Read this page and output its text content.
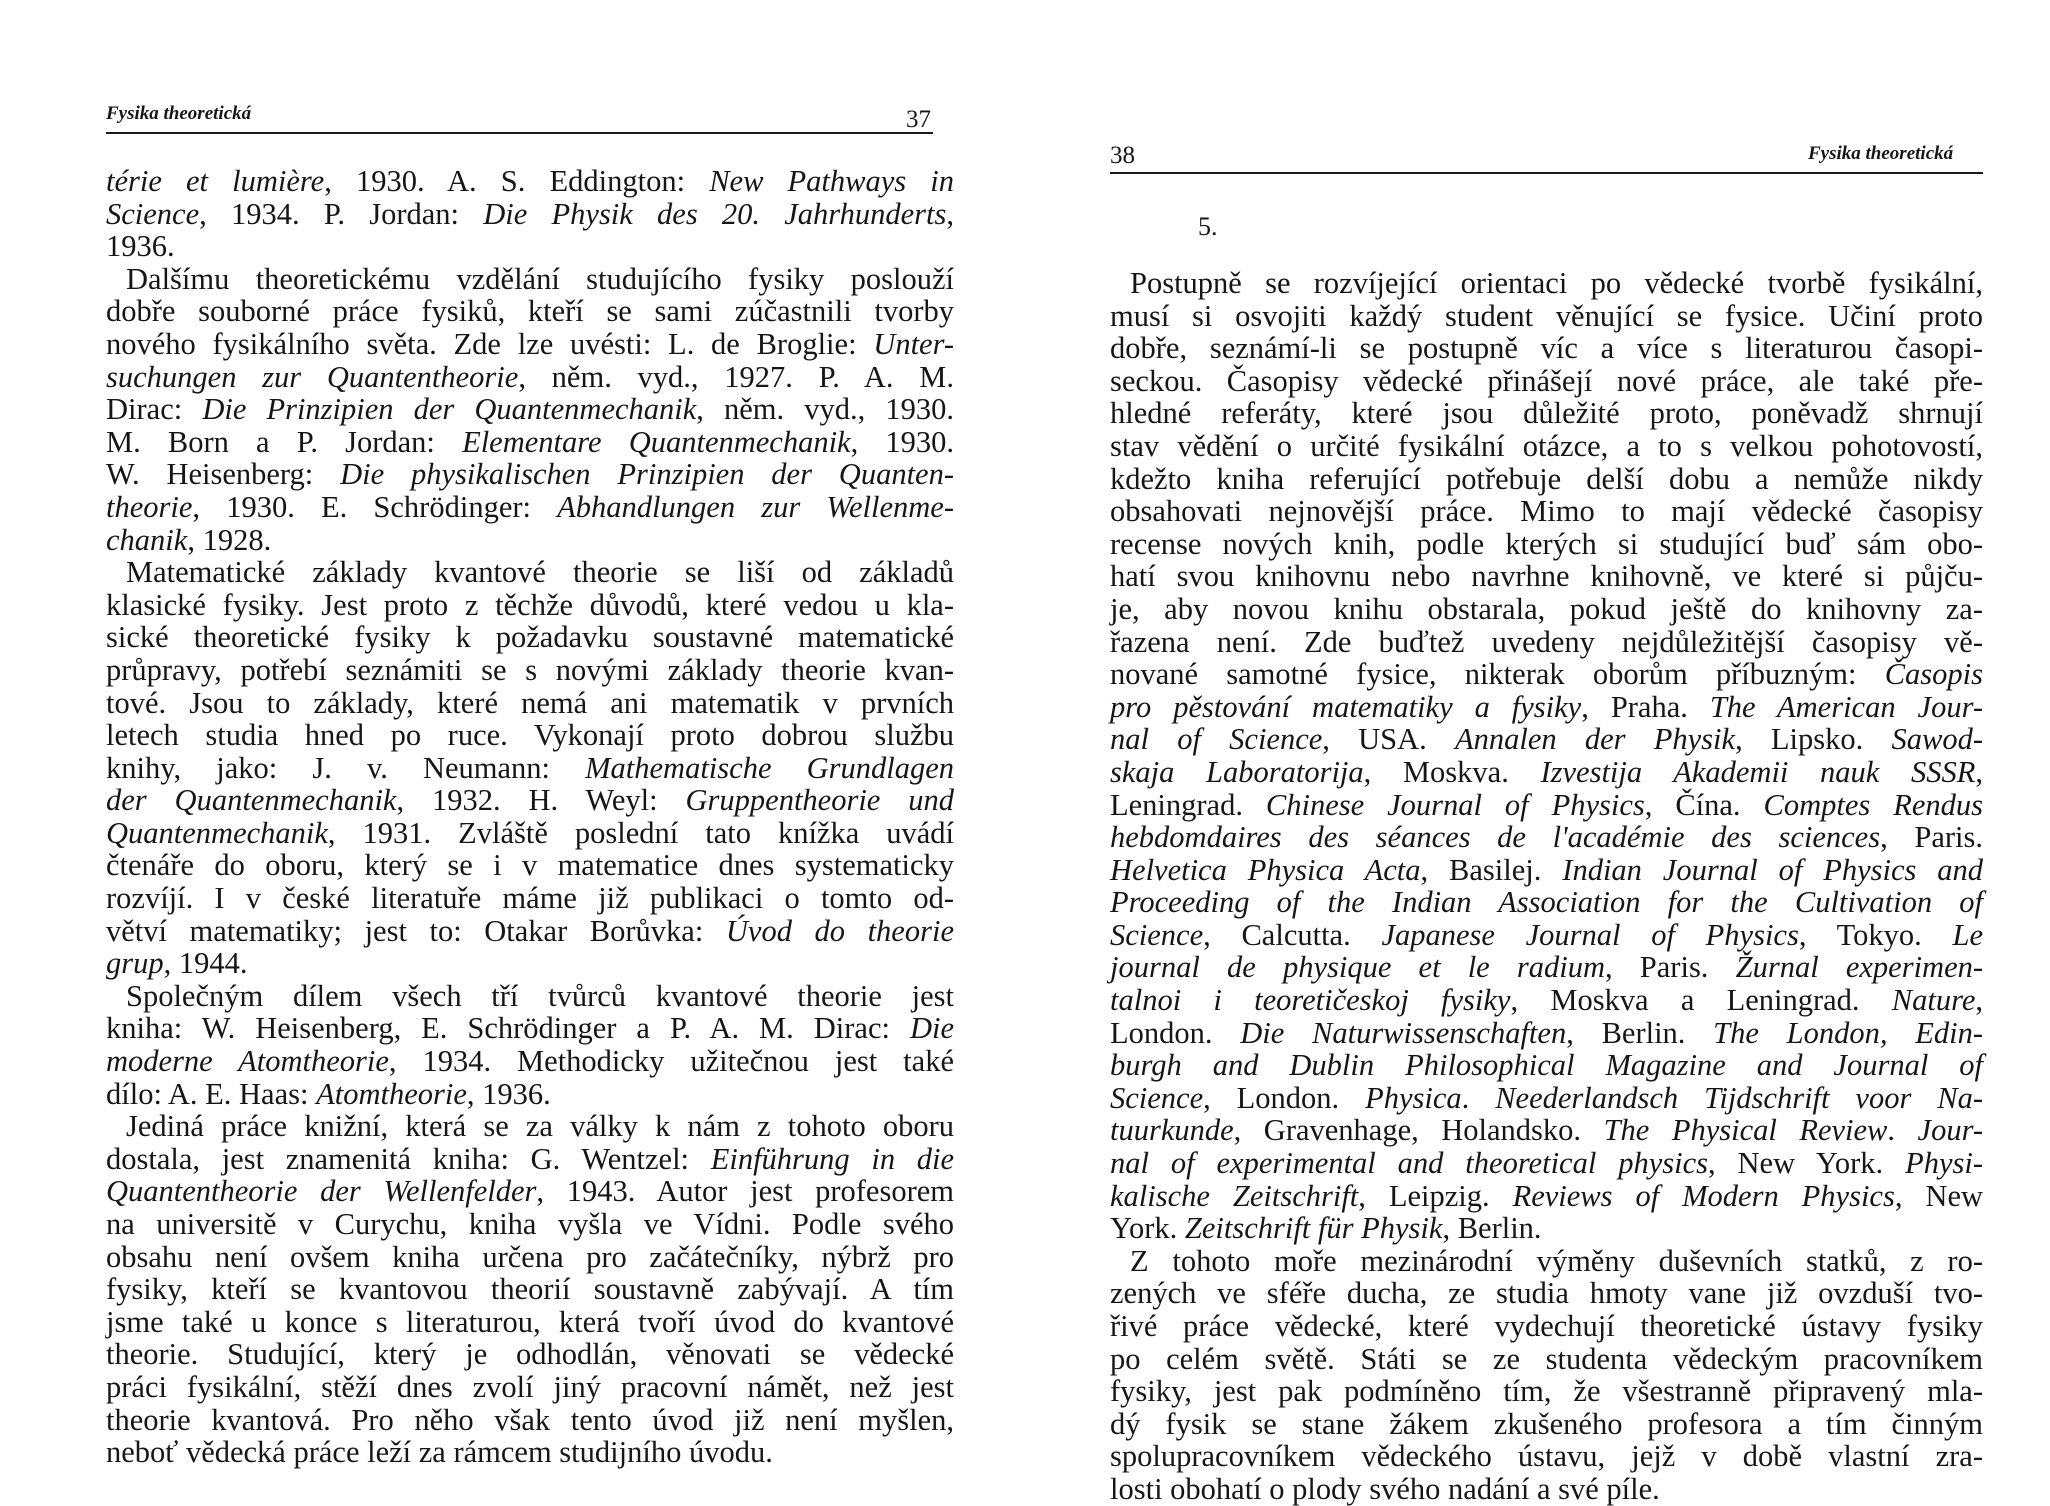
Fysika theoretická	37
térie et lumière, 1930. A. S. Eddington: New Pathways in
Science, 1934. P. Jordan: Die Physik des 20. Jahrhunderts,
1936.
Dalšímu theoretickému vzdělání studujícího fysiky poslouží
dobře souborné práce fysiků, kteří se sami zúčastnili tvorby
nového fysikálního světa. Zde lze uvésti: L. de Broglie: Unter-
suchungen zur Quantentheorie, něm. vyd., 1927. P. A. M.
Dirac: Die Prinzipien der Quantenmechanik, něm. vyd., 1930.
M. Born a P. Jordan: Elementare Quantenmechanik, 1930.
W. Heisenberg: Die physikalischen Prinzipien der Quanten-
theorie, 1930. E. Schrödinger: Abhandlungen zur Wellenme-
chanik, 1928.
Matematické základy kvantové theorie se liší od základů
klasické fysiky. Jest proto z těchže důvodů, které vedou u kla-
sické theoretické fysiky k požadavku soustavné matematické
průpravy, potřebí seznámiti se s novými základy theorie kvan-
tové. Jsou to základy, které nemá ani matematik v prvních
letech studia hned po ruce. Vykonají proto dobrou službu
knihy, jako: J. v. Neumann: Mathematische Grundlagen
der Quantenmechanik, 1932. H. Weyl: Gruppentheorie und
Quantenmechanik, 1931. Zvláště poslední tato knížka uvádí
čtenáře do oboru, který se i v matematice dnes systematicky
rozvíjí. I v české literatuře máme již publikaci o tomto od-
větví matematiky; jest to: Otakar Borůvka: Úvod do theorie
grup, 1944.
Společným dílem všech tří tvůrců kvantové theorie jest
kniha: W. Heisenberg, E. Schrödinger a P. A. M. Dirac: Die
moderne Atomtheorie, 1934. Methodicky užitečnou jest také
dílo: A. E. Haas: Atomtheorie, 1936.
Jediná práce knižní, která se za války k nám z tohoto oboru
dostala, jest znamenitá kniha: G. Wentzel: Einführung in die
Quantentheorie der Wellenfelder, 1943. Autor jest profesorem
na universitě v Curychu, kniha vyšla ve Vídni. Podle svého
obsahu není ovšem kniha určena pro začátečníky, nýbrž pro
fysiky, kteří se kvantovou theorií soustavně zabývají. A tím
jsme také u konce s literaturou, která tvoří úvod do kvantové
theorie. Studující, který je odhodlán, věnovati se vědecké
práci fysikální, stěží dnes zvolí jiný pracovní námět, než jest
theorie kvantová. Pro něho však tento úvod již není myšlen,
neboť vědecká práce leží za rámcem studijního úvodu.
38	Fysika theoretická
5.
Postupně se rozvíjející orientaci po vědecké tvorbě fysikální,
musí si osvojiti každý student věnující se fysice. Učiní proto
dobře, seznámí-li se postupně víc a více s literaturou časopi-
seckou. Časopisy vědecké přinášejí nové práce, ale také pře-
hledné referáty, které jsou důležité proto, poněvadž shrnují
stav vědění o určité fysikální otázce, a to s velkou pohotovostí,
kdežto kniha referující potřebuje delší dobu a nemůže nikdy
obsahovati nejnovější práce. Mimo to mají vědecké časopisy
recense nových knih, podle kterých si studující buď sám obo-
hatí svou knihovnu nebo navrhne knihovně, ve které si půjču-
je, aby novou knihu obstarala, pokud ještě do knihovny za-
řazena není. Zde buďtež uvedeny nejdůležitější časopisy vě-
nované samotné fysice, nikterak oborům příbuzným: Časopis
pro pěstování matematiky a fysiky, Praha. The American Jour-
nal of Science, USA. Annalen der Physik, Lipsko. Sawod-
skaja Laboratorija, Moskva. Izvestija Akademii nauk SSSR,
Leningrad. Chinese Journal of Physics, Čína. Comptes Rendus
hebdomdaires des séances de l'académie des sciences, Paris.
Helvetica Physica Acta, Basilej. Indian Journal of Physics and
Proceeding of the Indian Association for the Cultivation of
Science, Calcutta. Japanese Journal of Physics, Tokyo. Le
journal de physique et le radium, Paris. Žurnal experimen-
talnoi i teoretičeskoj fysiky, Moskva a Leningrad. Nature,
London. Die Naturwissenschaften, Berlin. The London, Edin-
burgh and Dublin Philosophical Magazine and Journal of
Science, London. Physica. Neederlandsch Tijdschrift voor Na-
tuurkunde, Gravenhage, Holandsko. The Physical Review. Jour-
nal of experimental and theoretical physics, New York. Physi-
kalische Zeitschrift, Leipzig. Reviews of Modern Physics, New
York. Zeitschrift für Physik, Berlin.
Z tohoto moře mezinárodní výměny duševních statků, z ro-
zených ve sféře ducha, ze studia hmoty vane již ovzduší tvo-
řivé práce vědecké, které vydechují theoretické ústavy fysiky
po celém světě. Státi se ze studenta vědeckým pracovníkem
fysiky, jest pak podmíněno tím, že všestranně připravený mla-
dý fysik se stane žákem zkušeného profesora a tím činným
spolupracovníkem vědeckého ústavu, jejž v době vlastní zra-
losti obohatí o plody svého nadání a své píle.
